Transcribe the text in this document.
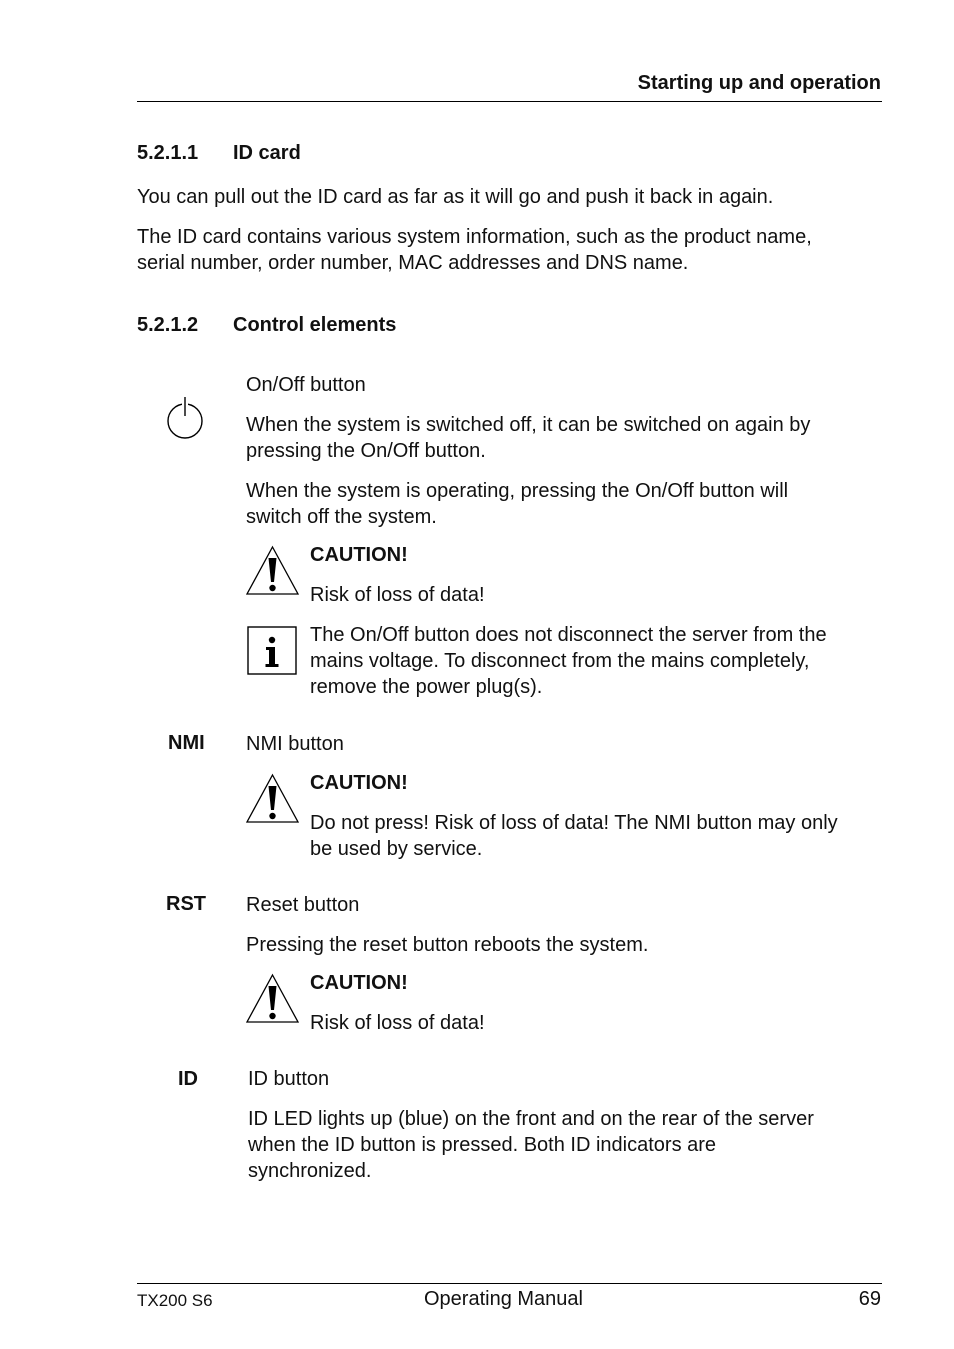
Starting up and operation
5.2.1.1 ID card
You can pull out the ID card as far as it will go and push it back in again.
The ID card contains various system information, such as the product name,
serial number, order number, MAC addresses and DNS name.
5.2.1.2 Control elements
On/Off button
When the system is switched off, it can be switched on again by
pressing the On/Off button.
When the system is operating, pressing the On/Off button will
switch off the system.
CAUTION!
Risk of loss of data!
The On/Off button does not disconnect the server from the
mains voltage. To disconnect from the mains completely,
remove the power plug(s).
NMI NMI button
CAUTION!
Do not press! Risk of loss of data! The NMI button may only
be used by service.
RST Reset button
Pressing the reset button reboots the system.
CAUTION!
Risk of loss of data!
ID	ID button
ID LED lights up (blue) on the front and on the rear of the server
when the ID button is pressed. Both ID indicators are
synchronized.
TX200 S6	Operating Manual	69
